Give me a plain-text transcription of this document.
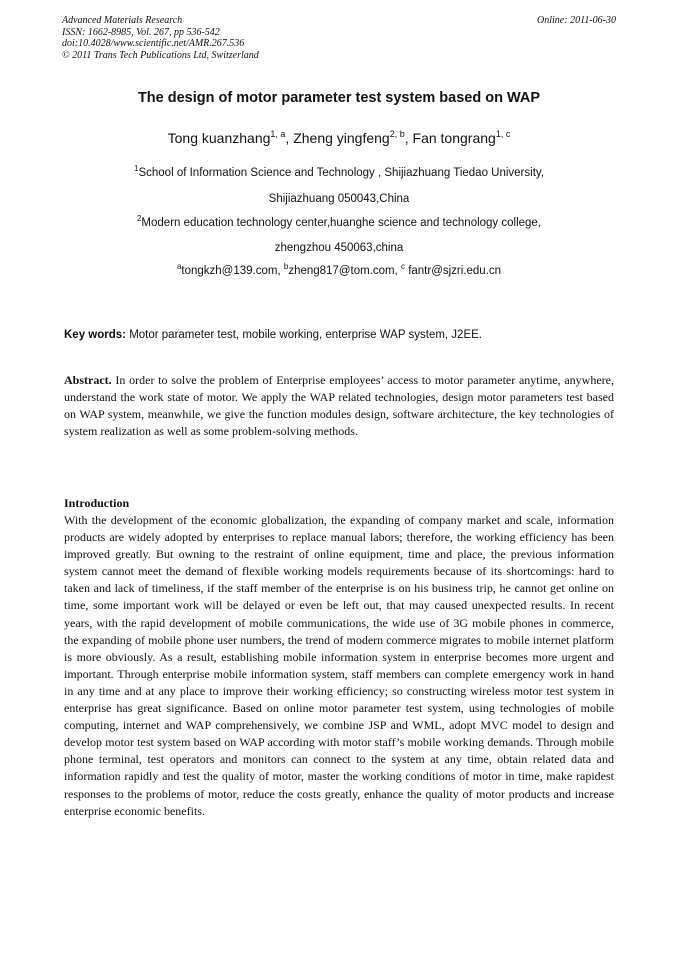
Advanced Materials Research
ISSN: 1662-8985, Vol. 267, pp 536-542
doi:10.4028/www.scientific.net/AMR.267.536
© 2011 Trans Tech Publications Ltd, Switzerland
Online: 2011-06-30
The design of motor parameter test system based on WAP
Tong kuanzhang$^{1, a}$, Zheng yingfeng$^{2, b}$, Fan tongrang$^{1, c}$
$^1$School of Information Science and Technology , Shijiazhuang Tiedao University,
Shijiazhuang 050043,China
$^2$Modern education technology center,huanghe science and technology college,
zhengzhou 450063,china
$^a$tongkzh@139.com, $^b$zheng817@tom.com, $^c$ fantr@sjzri.edu.cn
Key words: Motor parameter test, mobile working, enterprise WAP system, J2EE.

Abstract. In order to solve the problem of Enterprise employees’ access to motor parameter anytime, anywhere, understand the work state of motor. We apply the WAP related technologies, design motor parameters test based on WAP system, meanwhile, we give the function modules design, software architecture, the key technologies of system realization as well as some problem-solving methods.

Introduction

With the development of the economic globalization, the expanding of company market and scale, information products are widely adopted by enterprises to replace manual labors; therefore, the working efficiency has been improved greatly. But owning to the restraint of online equipment, time and place, the previous information system cannot meet the demand of flexible working models requirements because of its shortcomings: hard to taken and lack of timeliness, if the staff member of the enterprise is on his business trip, he cannot get online on time, some important work will be delayed or even be left out, that may caused unexpected results. In recent years, with the rapid development of mobile communications, the wide use of 3G mobile phones in commerce, the expanding of mobile phone user numbers, the trend of modern commerce migrates to mobile internet platform is more obviously. As a result, establishing mobile information system in enterprise becomes more urgent and important. Through enterprise mobile information system, staff members can complete emergency work in hand in any time and at any place to improve their working efficiency; so constructing wireless motor test system in enterprise has great significance. Based on online motor parameter test system, using technologies of mobile computing, internet and WAP comprehensively, we combine JSP and WML, adopt MVC model to design and develop motor test system based on WAP according with motor staff’s mobile working demands. Through mobile phone terminal, test operators and monitors can connect to the system at any time, obtain related data and information rapidly and test the quality of motor, master the working conditions of motor in time, make rapidest responses to the problems of motor, reduce the costs greatly, enhance the quality of motor products and increase enterprise economic benefits.
